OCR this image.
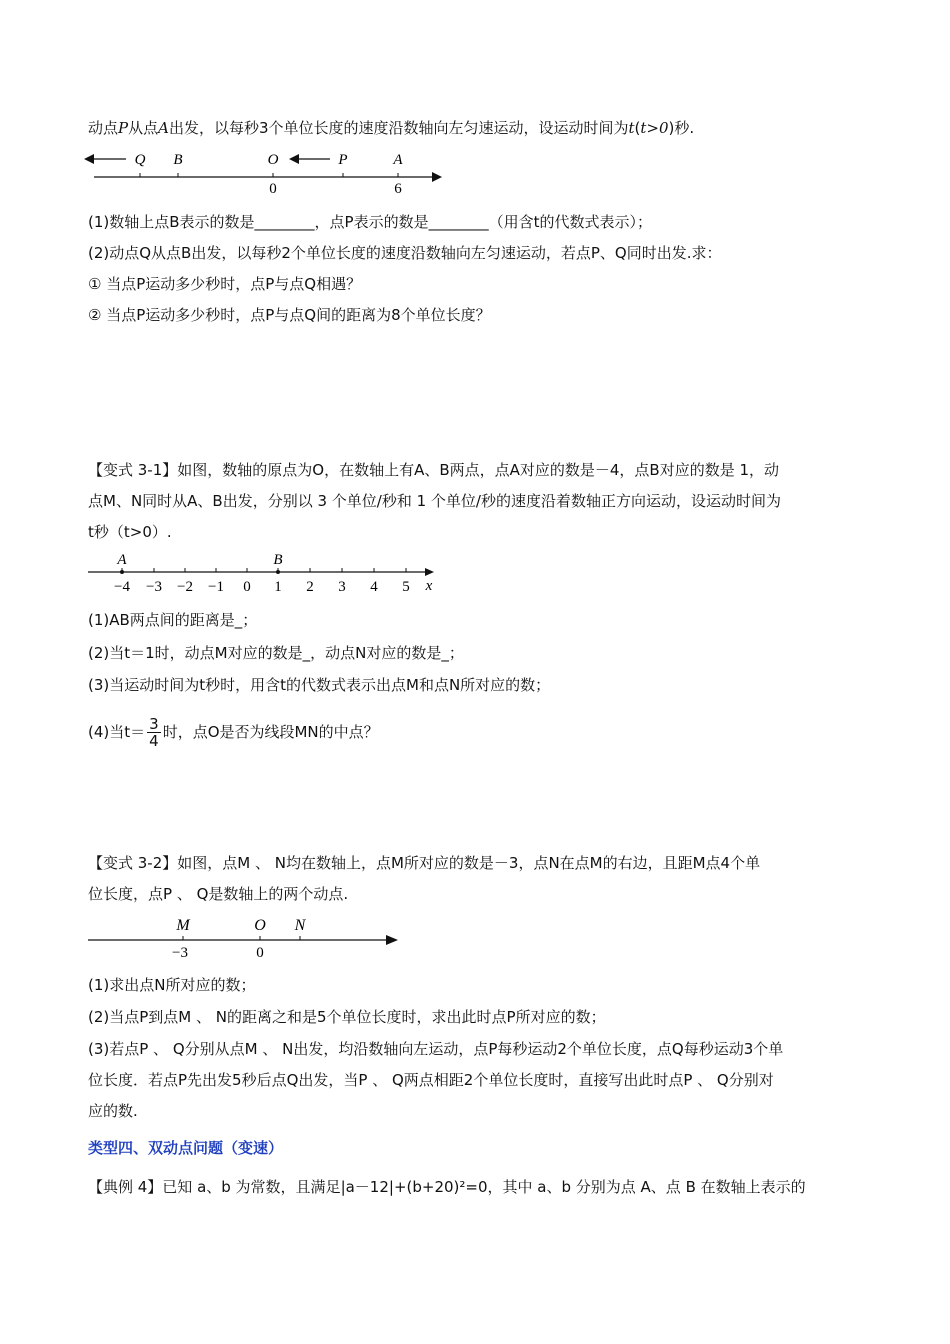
动点P从点A出发，以每秒3个单位长度的速度沿数轴向左匀速运动，设运动时间为t(t>0)秒.
Q B	O	P	A
0	6
(1)数轴上点B表示的数是________，点P表示的数是________（用含t的代数式表示）；
(2)动点Q从点B出发，以每秒2个单位长度的速度沿数轴向左匀速运动，若点P、Q同时出发.求：
① 当点P运动多少秒时，点P与点Q相遇？
② 当点P运动多少秒时，点P与点Q间的距离为8个单位长度？
【变式 3-1】如图，数轴的原点为O，在数轴上有A、B两点，点A对应的数是－4，点B对应的数是 1，动
点M、N同时从A、B出发，分别以 3 个单位/秒和 1 个单位/秒的速度沿着数轴正方向运动，设运动时间为
t秒（t>0）.
A	B
x
−4 −3 −2 −1 0 1 2 3 4 5
(1)AB两点间的距离是_；
(2)当t＝1时，动点M对应的数是_，动点N对应的数是_；
(3)当运动时间为t秒时，用含t的代数式表示出点M和点N所对应的数；
(4)当$t= \frac{3}{4}$ 时，点O是否为线段MN的中点？
【变式 3-2】如图，点M 、 N均在数轴上，点M所对应的数是－3，点N在点M的右边，且距M点4个单
位长度，点P 、 Q是数轴上的两个动点.
M	O N
−3	0
(1)求出点N所对应的数；
(2)当点P到点M 、 N的距离之和是5个单位长度时，求出此时点P所对应的数；
(3)若点P 、 Q分别从点M 、 N出发，均沿数轴向左运动，点P每秒运动2个单位长度，点Q每秒运动3个单
位长度．若点P先出发5秒后点Q出发，当P 、 Q两点相距2个单位长度时，直接写出此时点P 、 Q分别对
应的数.
类型四、双动点问题（变速）
【典例 4】已知 a、b 为常数，且满足|a－12|+(b+20)²=0，其中 a、b 分别为点 A、点 B 在数轴上表示的
